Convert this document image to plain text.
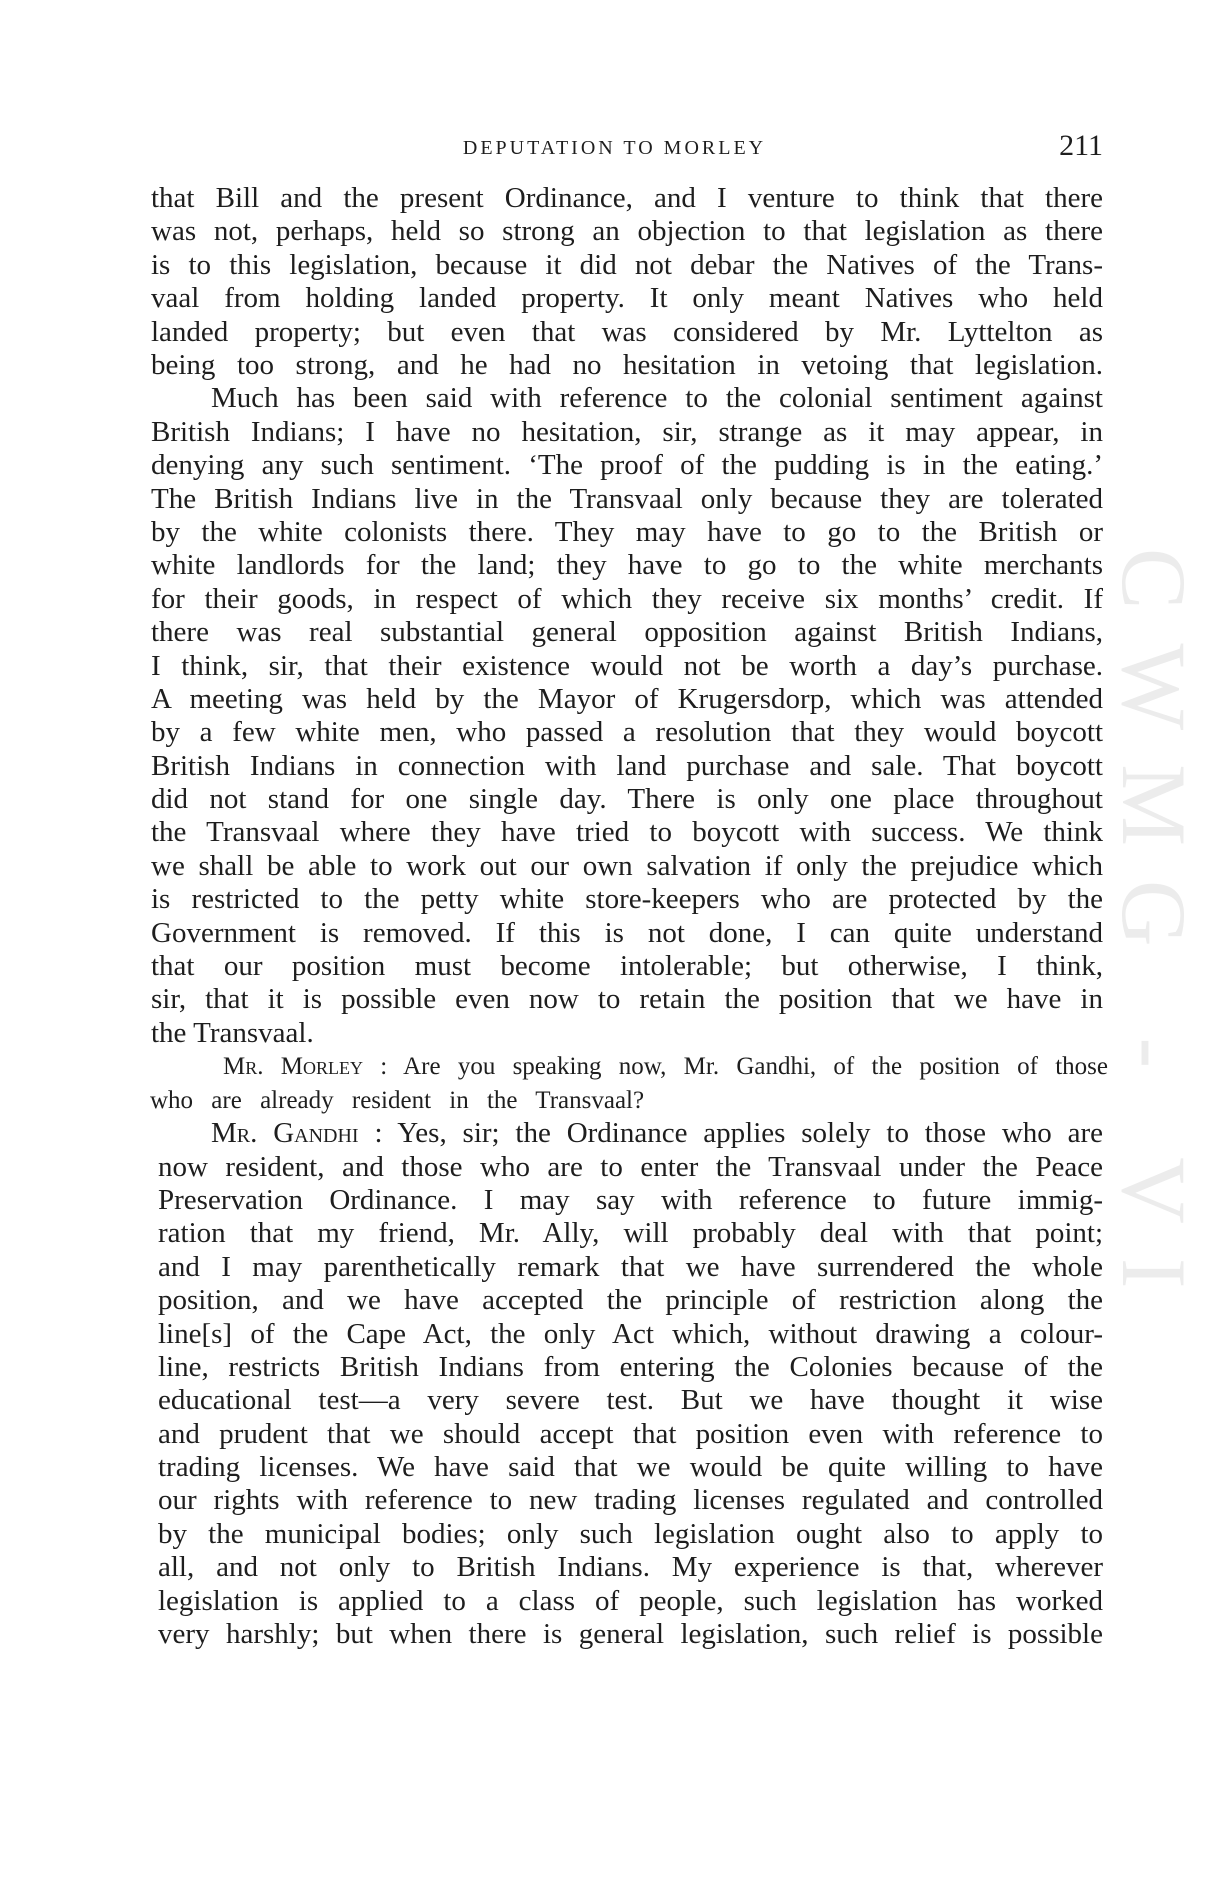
CWMG - VI
DEPUTATION TO MORLEY	211
that Bill and the present Ordinance, and I venture to think that there
was not, perhaps, held so strong an objection to that legislation as there
is to this legislation, because it did not debar the Natives of the Trans-
vaal from holding landed property. It only meant Natives who held
landed property; but even that was considered by Mr. Lyttelton as
being too strong, and he had no hesitation in vetoing that legislation.
Much has been said with reference to the colonial sentiment against
British Indians; I have no hesitation, sir, strange as it may appear, in
denying any such sentiment. ‘The proof of the pudding is in the eating.’
The British Indians live in the Transvaal only because they are tolerated
by the white colonists there. They may have to go to the British or
white landlords for the land; they have to go to the white merchants
for their goods, in respect of which they receive six months’ credit. If
there was real substantial general opposition against British Indians,
I think, sir, that their existence would not be worth a day’s purchase.
A meeting was held by the Mayor of Krugersdorp, which was attended
by a few white men, who passed a resolution that they would boycott
British Indians in connection with land purchase and sale. That boycott
did not stand for one single day. There is only one place throughout
the Transvaal where they have tried to boycott with success. We think
we shall be able to work out our own salvation if only the prejudice which
is restricted to the petty white store-keepers who are protected by the
Government is removed. If this is not done, I can quite understand
that our position must become intolerable; but otherwise, I think,
sir, that it is possible even now to retain the position that we have in
the Transvaal.
Mr. Morley : Are you speaking now, Mr. Gandhi, of the position of those
who are already resident in the Transvaal?
Mr. Gandhi : Yes, sir; the Ordinance applies solely to those who are
now resident, and those who are to enter the Transvaal under the Peace
Preservation Ordinance. I may say with reference to future immig-
ration that my friend, Mr. Ally, will probably deal with that point;
and I may parenthetically remark that we have surrendered the whole
position, and we have accepted the principle of restriction along the
line[s] of the Cape Act, the only Act which, without drawing a colour-
line, restricts British Indians from entering the Colonies because of the
educational test—a very severe test. But we have thought it wise
and prudent that we should accept that position even with reference to
trading licenses. We have said that we would be quite willing to have
our rights with reference to new trading licenses regulated and controlled
by the municipal bodies; only such legislation ought also to apply to
all, and not only to British Indians. My experience is that, wherever
legislation is applied to a class of people, such legislation has worked
very harshly; but when there is general legislation, such relief is possible
